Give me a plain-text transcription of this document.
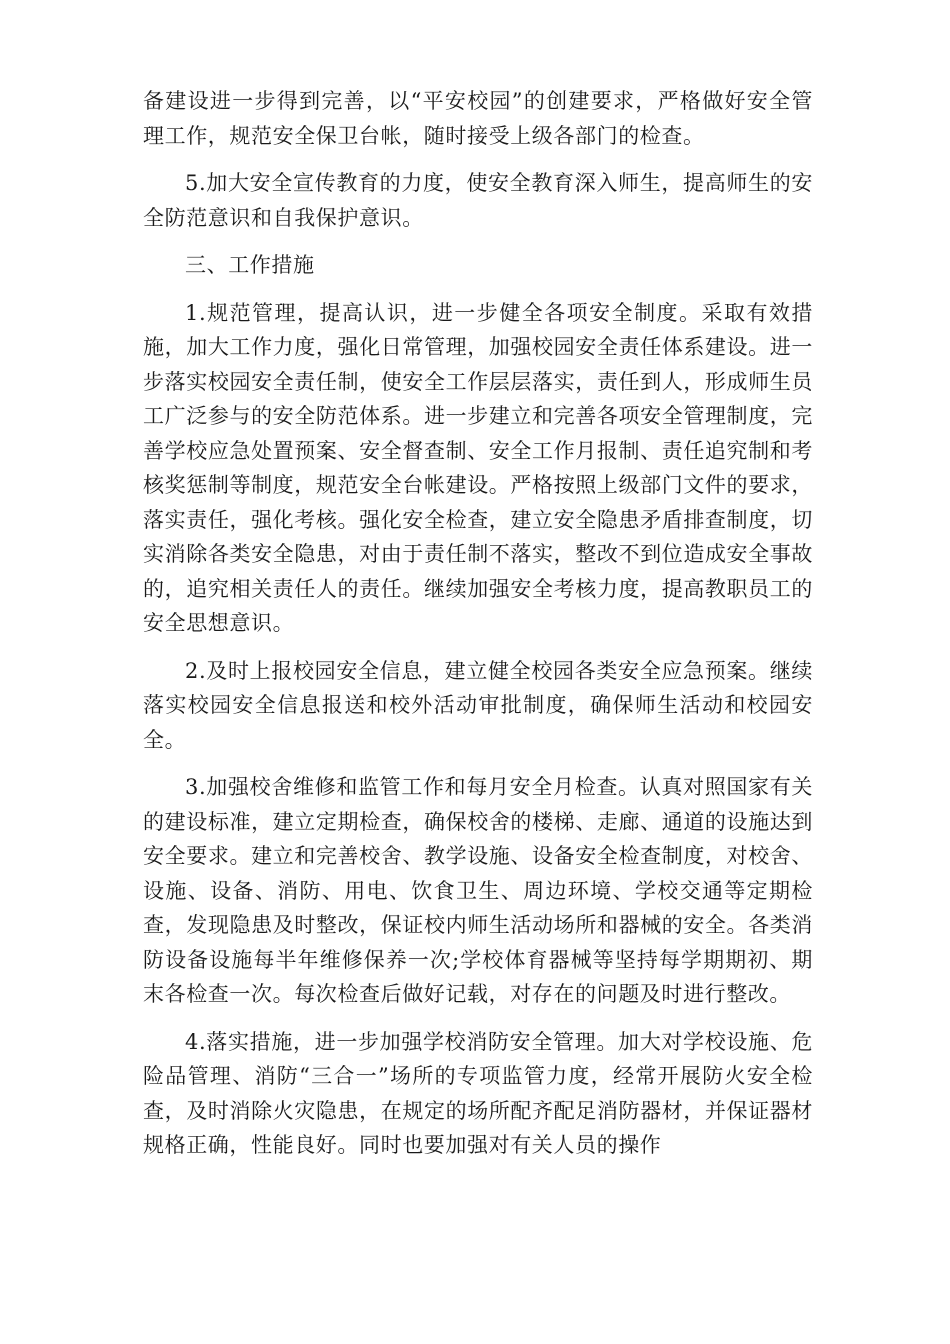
备建设进一步得到完善，以“平安校园”的创建要求，严格做好安全管理工作，规范安全保卫台帐，随时接受上级各部门的检查。

5.加大安全宣传教育的力度，使安全教育深入师生，提高师生的安全防范意识和自我保护意识。

三、工作措施

1.规范管理，提高认识，进一步健全各项安全制度。采取有效措施，加大工作力度，强化日常管理，加强校园安全责任体系建设。进一步落实校园安全责任制，使安全工作层层落实，责任到人，形成师生员工广泛参与的安全防范体系。进一步建立和完善各项安全管理制度，完善学校应急处置预案、安全督查制、安全工作月报制、责任追究制和考核奖惩制等制度，规范安全台帐建设。严格按照上级部门文件的要求，落实责任，强化考核。强化安全检查，建立安全隐患矛盾排查制度，切实消除各类安全隐患，对由于责任制不落实，整改不到位造成安全事故的，追究相关责任人的责任。继续加强安全考核力度，提高教职员工的安全思想意识。

2.及时上报校园安全信息，建立健全校园各类安全应急预案。继续落实校园安全信息报送和校外活动审批制度，确保师生活动和校园安全。

3.加强校舍维修和监管工作和每月安全月检查。认真对照国家有关的建设标准，建立定期检查，确保校舍的楼梯、走廊、通道的设施达到安全要求。建立和完善校舍、教学设施、设备安全检查制度，对校舍、设施、设备、消防、用电、饮食卫生、周边环境、学校交通等定期检查，发现隐患及时整改，保证校内师生活动场所和器械的安全。各类消防设备设施每半年维修保养一次;学校体育器械等坚持每学期期初、期末各检查一次。每次检查后做好记载，对存在的问题及时进行整改。

4.落实措施，进一步加强学校消防安全管理。加大对学校设施、危险品管理、消防“三合一”场所的专项监管力度，经常开展防火安全检查，及时消除火灾隐患，在规定的场所配齐配足消防器材，并保证器材规格正确，性能良好。同时也要加强对有关人员的操作
